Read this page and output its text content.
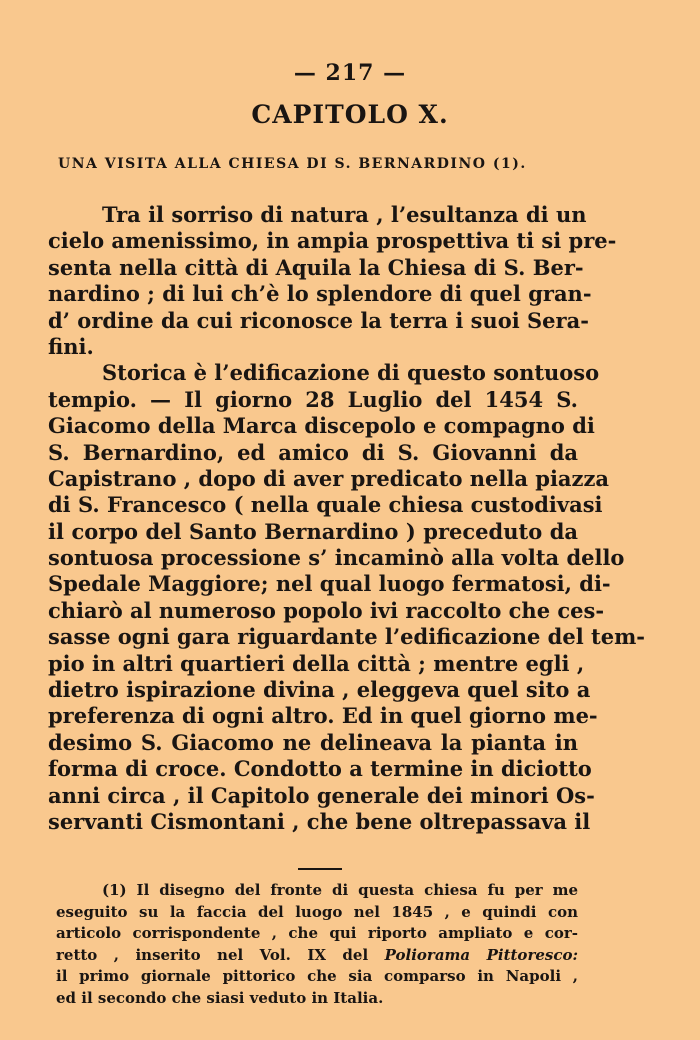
— 217 —
CAPITOLO X.
UNA VISITA ALLA CHIESA DI S. BERNARDINO (1).
Tra il sorriso di natura , l’esultanza di un
cielo amenissimo, in ampia prospettiva ti si pre-
senta nella città di Aquila la Chiesa di S. Ber-
nardino ; di lui ch’è lo splendore di quel gran-
d’ ordine da cui riconosce la terra i suoi Sera-
fini.
Storica è l’edificazione di questo sontuoso
tempio. — Il giorno 28 Luglio del 1454 S.
Giacomo della Marca discepolo e compagno di
S. Bernardino, ed amico di S. Giovanni da
Capistrano , dopo di aver predicato nella piazza
di S. Francesco ( nella quale chiesa custodivasi
il corpo del Santo Bernardino ) preceduto da
sontuosa processione s’ incaminò alla volta dello
Spedale Maggiore; nel qual luogo fermatosi, di-
chiarò al numeroso popolo ivi raccolto che ces-
sasse ogni gara riguardante l’edificazione del tem-
pio in altri quartieri della città ; mentre egli ,
dietro ispirazione divina , eleggeva quel sito a
preferenza di ogni altro. Ed in quel giorno me-
desimo S. Giacomo ne delineava la pianta in
forma di croce. Condotto a termine in diciotto
anni circa , il Capitolo generale dei minori Os-
servanti Cismontani , che bene oltrepassava il
(1) Il disegno del fronte di questa chiesa fu per me
eseguito su la faccia del luogo nel 1845 , e quindi con
articolo corrispondente , che qui riporto ampliato e cor-
retto , inserito nel Vol. IX del Poliorama Pittoresco:
il primo giornale pittorico che sia comparso in Napoli ,
ed il secondo che siasi veduto in Italia.
